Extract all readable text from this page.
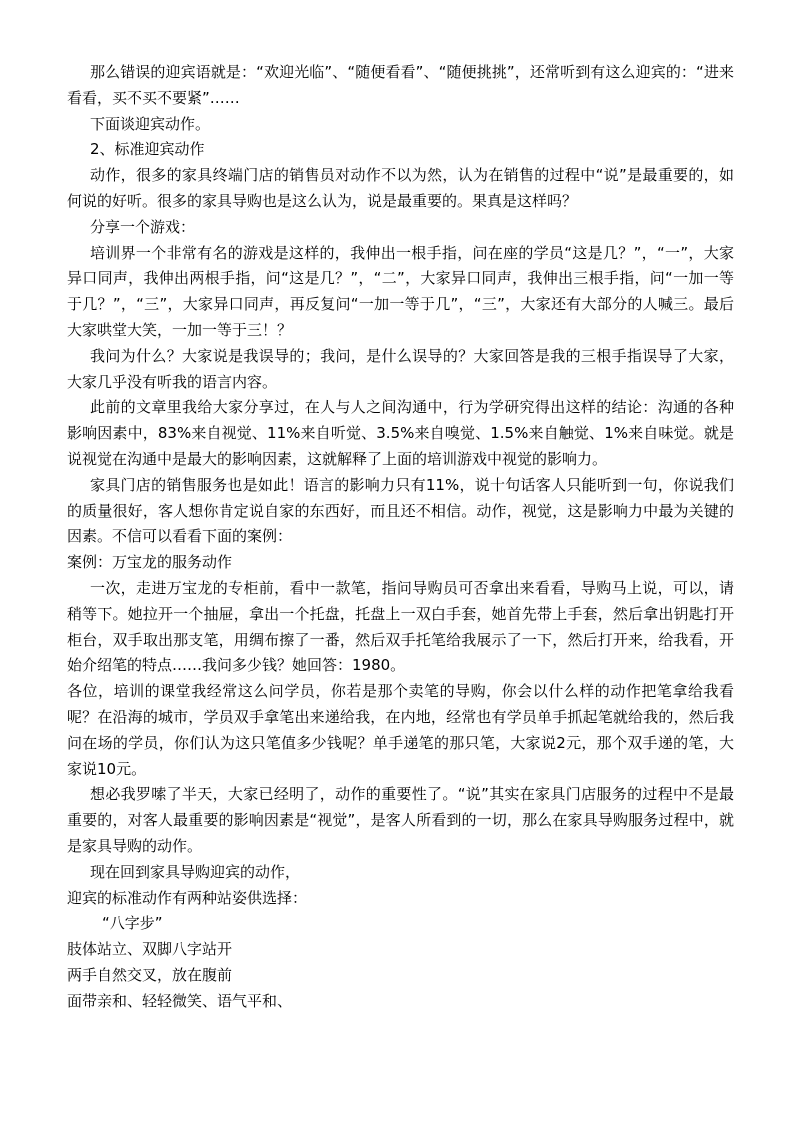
那么错误的迎宾语就是：“欢迎光临”、“随便看看”、“随便挑挑”，还常听到有这么迎宾的：“进来看看，买不买不要紧”……

下面谈迎宾动作。

2、标准迎宾动作

动作，很多的家具终端门店的销售员对动作不以为然，认为在销售的过程中“说”是最重要的，如何说的好听。很多的家具导购也是这么认为，说是最重要的。果真是这样吗？

分享一个游戏：

培训界一个非常有名的游戏是这样的，我伸出一根手指，问在座的学员“这是几？”，“一”，大家异口同声，我伸出两根手指，问“这是几？”，“二”，大家异口同声，我伸出三根手指，问“一加一等于几？”，“三”，大家异口同声，再反复问“一加一等于几”，“三”，大家还有大部分的人喊三。最后大家哄堂大笑，一加一等于三！？

我问为什么？大家说是我误导的；我问，是什么误导的？大家回答是我的三根手指误导了大家，大家几乎没有听我的语言内容。

此前的文章里我给大家分享过，在人与人之间沟通中，行为学研究得出这样的结论：沟通的各种影响因素中，83%来自视觉、11%来自听觉、3.5%来自嗅觉、1.5%来自触觉、1%来自味觉。就是说视觉在沟通中是最大的影响因素，这就解释了上面的培训游戏中视觉的影响力。

家具门店的销售服务也是如此！语言的影响力只有11%，说十句话客人只能听到一句，你说我们的质量很好，客人想你肯定说自家的东西好，而且还不相信。动作，视觉，这是影响力中最为关键的因素。不信可以看看下面的案例：

案例：万宝龙的服务动作

一次，走进万宝龙的专柜前，看中一款笔，指问导购员可否拿出来看看，导购马上说，可以，请稍等下。她拉开一个抽屉，拿出一个托盘，托盘上一双白手套，她首先带上手套，然后拿出钥匙打开柜台，双手取出那支笔，用绸布擦了一番，然后双手托笔给我展示了一下，然后打开来，给我看，开始介绍笔的特点……我问多少钱？她回答：1980。

各位，培训的课堂我经常这么问学员，你若是那个卖笔的导购，你会以什么样的动作把笔拿给我看呢？在沿海的城市，学员双手拿笔出来递给我，在内地，经常也有学员单手抓起笔就给我的，然后我问在场的学员，你们认为这只笔值多少钱呢？单手递笔的那只笔，大家说2元，那个双手递的笔，大家说10元。

想必我罗嗦了半天，大家已经明了，动作的重要性了。“说”其实在家具门店服务的过程中不是最重要的，对客人最重要的影响因素是“视觉”，是客人所看到的一切，那么在家具导购服务过程中，就是家具导购的动作。

现在回到家具导购迎宾的动作，

迎宾的标准动作有两种站姿供选择：

“八字步”

肢体站立、双脚八字站开

两手自然交叉，放在腹前

面带亲和、轻轻微笑、语气平和、
